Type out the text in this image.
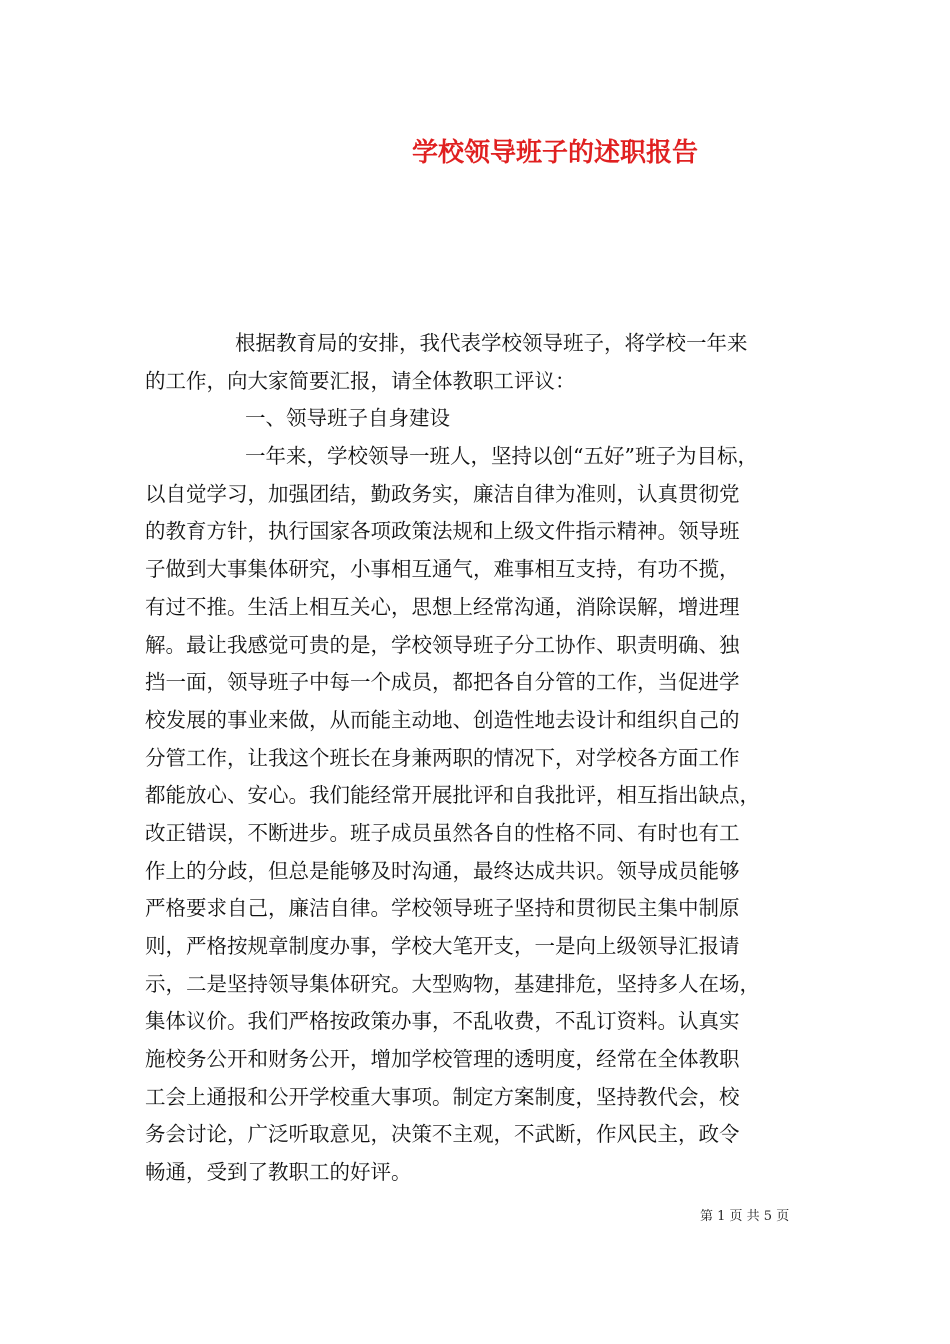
学校领导班子的述职报告
根据教育局的安排，我代表学校领导班子，将学校一年来
的工作，向大家简要汇报，请全体教职工评议：
一、领导班子自身建设
一年来，学校领导一班人，坚持以创“五好”班子为目标，
以自觉学习，加强团结，勤政务实，廉洁自律为准则，认真贯彻党
的教育方针，执行国家各项政策法规和上级文件指示精神。领导班
子做到大事集体研究，小事相互通气，难事相互支持，有功不揽，
有过不推。生活上相互关心，思想上经常沟通，消除误解，增进理
解。最让我感觉可贵的是，学校领导班子分工协作、职责明确、独
挡一面，领导班子中每一个成员，都把各自分管的工作，当促进学
校发展的事业来做，从而能主动地、创造性地去设计和组织自己的
分管工作，让我这个班长在身兼两职的情况下，对学校各方面工作
都能放心、安心。我们能经常开展批评和自我批评，相互指出缺点，
改正错误，不断进步。班子成员虽然各自的性格不同、有时也有工
作上的分歧，但总是能够及时沟通，最终达成共识。领导成员能够
严格要求自己，廉洁自律。学校领导班子坚持和贯彻民主集中制原
则，严格按规章制度办事，学校大笔开支，一是向上级领导汇报请
示，二是坚持领导集体研究。大型购物，基建排危，坚持多人在场，
集体议价。我们严格按政策办事，不乱收费，不乱订资料。认真实
施校务公开和财务公开，增加学校管理的透明度，经常在全体教职
工会上通报和公开学校重大事项。制定方案制度，坚持教代会，校
务会讨论，广泛听取意见，决策不主观，不武断，作风民主，政令
畅通，受到了教职工的好评。
第 1 页 共 5 页
